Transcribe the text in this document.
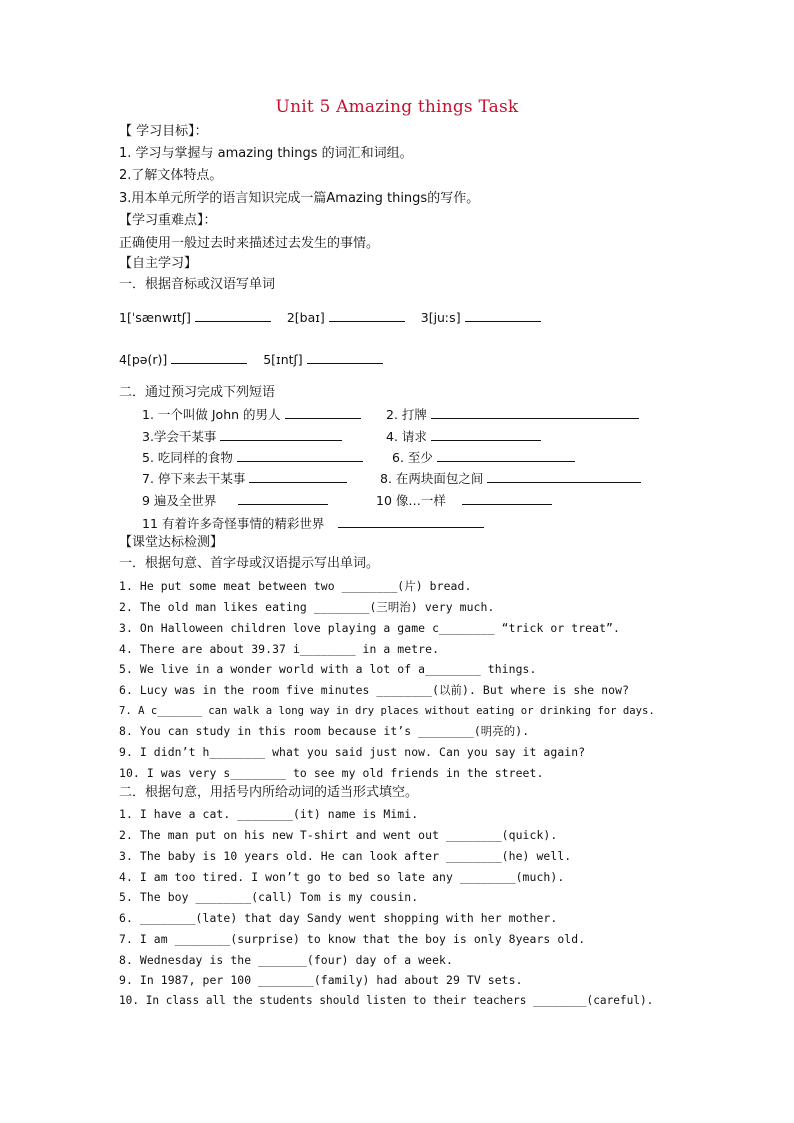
Unit 5 Amazing things Task
【 学习目标】：
1. 学习与掌握与 amazing things 的词汇和词组。
2.了解文体特点。
3.用本单元所学的语言知识完成一篇Amazing things的写作。
【学习重难点】：
正确使用一般过去时来描述过去发生的事情。
【自主学习】
一．根据音标或汉语写单词
1[ˈsænwɪtʃ]	2[baɪ]	3[juːs]
4[pə(r)]	5[ɪntʃ]
二．通过预习完成下列短语
1. 一个叫做 John 的男人	2. 打牌
3.学会干某事	4. 请求
5. 吃同样的食物	6. 至少
7. 停下来去干某事	8. 在两块面包之间
9 遍及全世界	10 像…一样
11 有着许多奇怪事情的精彩世界
【课堂达标检测】
一．根据句意、首字母或汉语提示写出单词。
1. He put some meat between two ________(片) bread.
2. The old man likes eating ________(三明治) very much.
3. On Halloween children love playing a game c________ “trick or treat”.
4. There are about 39.37 i________ in a metre.
5. We live in a wonder world with a lot of a________ things.
6. Lucy was in the room five minutes ________(以前). But where is she now?
7. A c_______ can walk a long way in dry places without eating or drinking for days.
8. You can study in this room because it’s ________(明亮的).
9. I didn’t h________ what you said just now. Can you say it again?
10. I was very s________ to see my old friends in the street.
二．根据句意，用括号内所给动词的适当形式填空。
1. I have a cat. ________(it) name is Mimi.
2. The man put on his new T-shirt and went out ________(quick).
3. The baby is 10 years old. He can look after ________(he) well.
4. I am too tired. I won’t go to bed so late any ________(much).
5. The boy ________(call) Tom is my cousin.
6. ________(late) that day Sandy went shopping with her mother.
7. I am ________(surprise) to know that the boy is only 8years old.
8. Wednesday is the _______(four) day of a week.
9. In 1987, per 100 ________(family) had about 29 TV sets.
10. In class all the students should listen to their teachers ________(careful).
